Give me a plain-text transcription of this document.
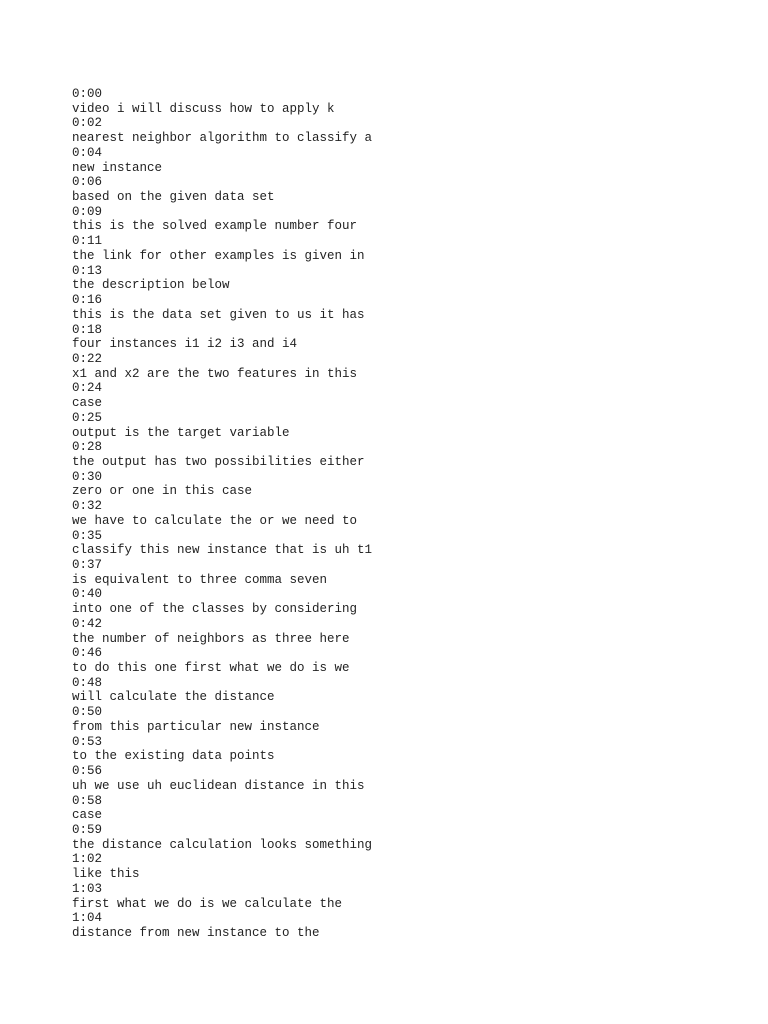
0:00
video i will discuss how to apply k
0:02
nearest neighbor algorithm to classify a
0:04
new instance
0:06
based on the given data set
0:09
this is the solved example number four
0:11
the link for other examples is given in
0:13
the description below
0:16
this is the data set given to us it has
0:18
four instances i1 i2 i3 and i4
0:22
x1 and x2 are the two features in this
0:24
case
0:25
output is the target variable
0:28
the output has two possibilities either
0:30
zero or one in this case
0:32
we have to calculate the or we need to
0:35
classify this new instance that is uh t1
0:37
is equivalent to three comma seven
0:40
into one of the classes by considering
0:42
the number of neighbors as three here
0:46
to do this one first what we do is we
0:48
will calculate the distance
0:50
from this particular new instance
0:53
to the existing data points
0:56
uh we use uh euclidean distance in this
0:58
case
0:59
the distance calculation looks something
1:02
like this
1:03
first what we do is we calculate the
1:04
distance from new instance to the
